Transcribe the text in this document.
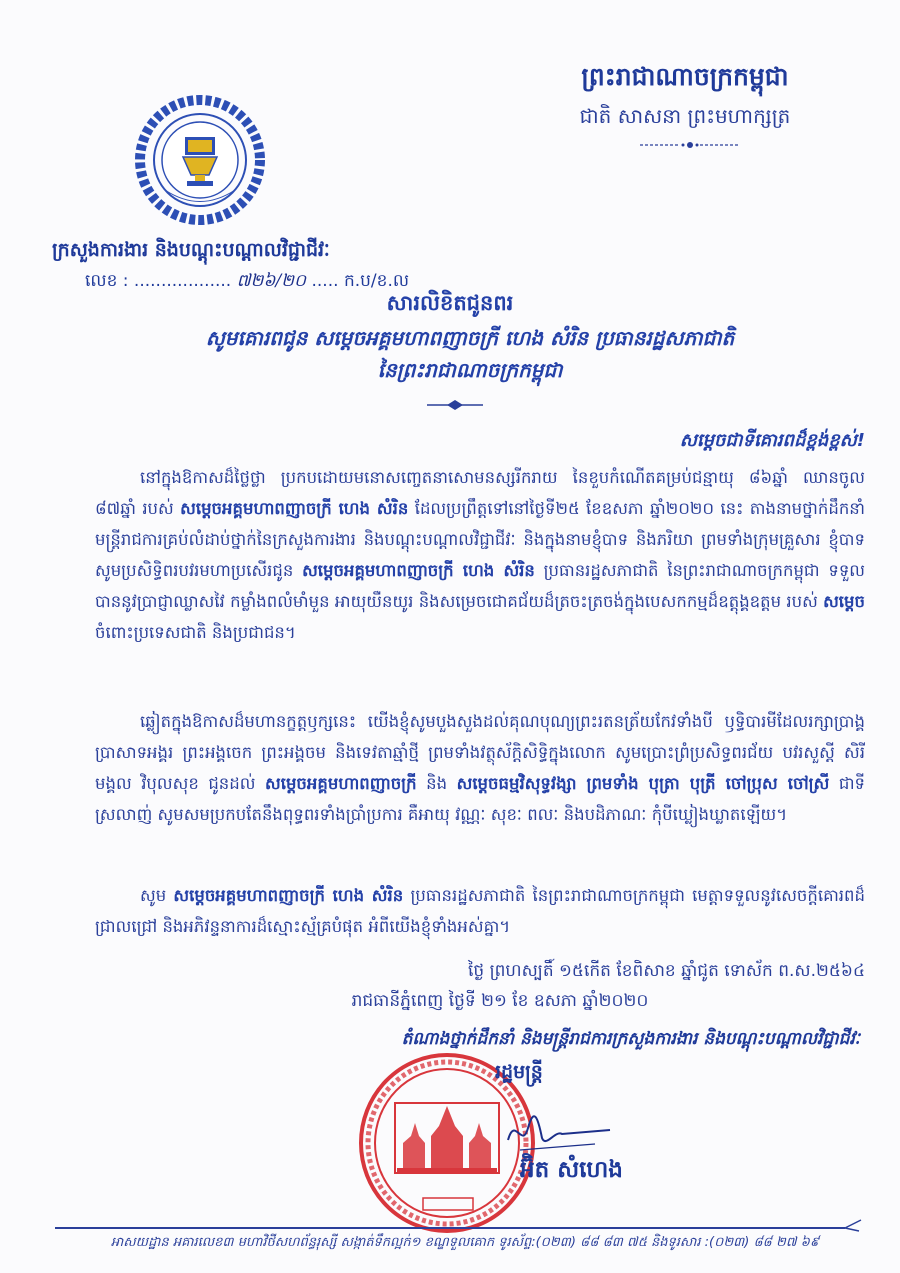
ព្រះរាជាណាចក្រកម្ពុជា
ជាតិ សាសនា ព្រះមហាក្សត្រ
ក្រសួងការងារ និងបណ្ដុះបណ្ដាលវិជ្ជាជីវៈ
លេខ : .................. ៧២៦/២០ ..... ក.ប/ខ.ល
សារលិខិតជូនពរ
សូមគោរពជូន សម្តេចអគ្គមហាពញាចក្រី ហេង សំរិន ប្រធានរដ្ឋសភាជាតិ
នៃព្រះរាជាណាចក្រកម្ពុជា
សម្តេចជាទីគោរពដ៏ខ្ពង់ខ្ពស់!
នៅក្នុងឱកាសដ៏ថ្លៃថ្លា ប្រកបដោយមនោសញ្ចេតនាសោមនស្សរីករាយ នៃខួបកំណើតគម្រប់ជន្មាយុ ៨៦ឆ្នាំ ឈានចូល ៨៧ឆ្នាំ របស់ សម្តេចអគ្គមហាពញាចក្រី ហេង សំរិន ដែលប្រព្រឹត្តទៅនៅថ្ងៃទី២៥ ខែឧសភា ឆ្នាំ២០២០ នេះ តាងនាមថ្នាក់ដឹកនាំមន្ត្រីរាជការគ្រប់លំដាប់ថ្នាក់នៃក្រសួងការងារ និងបណ្តុះបណ្តាលវិជ្ជាជីវៈ និងក្នុងនាមខ្ញុំបាទ និងភរិយា ព្រមទាំងក្រុមគ្រួសារ ខ្ញុំបាទសូមប្រសិទ្ធិពរបវរមហាប្រសើរជូន សម្តេចអគ្គមហាពញាចក្រី ហេង សំរិន ប្រធានរដ្ឋសភាជាតិ នៃព្រះរាជាណាចក្រកម្ពុជា ទទួលបាននូវប្រាជ្ញាឈ្លាសវៃ កម្លាំងពលំមាំមួន អាយុយឺនយូរ និងសម្រេចជោគជ័យដ៏ត្រចះត្រចង់ក្នុងបេសកកម្មដ៏ឧត្តុង្គឧត្តម របស់ សម្តេច ចំពោះប្រទេសជាតិ និងប្រជាជន។
ឆ្លៀតក្នុងឱកាសដ៏មហានក្ខត្តឫក្សនេះ យើងខ្ញុំសូមបួងសួងដល់គុណបុណ្យព្រះរតនត្រ័យកែវទាំងបី ឫទ្ធិបារមីដែលរក្សាប្រាង្គប្រាសាទអង្គរ ព្រះអង្គចេក ព្រះអង្គចម និងទេវតាឆ្មាំថ្មី ព្រមទាំងវត្ថុស័ក្តិសិទ្ធិក្នុងលោក សូមប្រោះព្រំប្រសិទ្ធពរជ័យ បវរសួស្តី សិរីមង្គល វិបុលសុខ ជូនដល់ សម្តេចអគ្គមហាពញាចក្រី និង សម្តេចធម្មវិសុទ្ធវង្សា ព្រមទាំង បុត្រា បុត្រី ចៅប្រុស ចៅស្រី ជាទីស្រលាញ់ សូមសមប្រកបតែនឹងពុទ្ធពរទាំងប្រាំប្រការ គឺអាយុ វណ្ណៈ សុខៈ ពលៈ និងបដិភាណៈ កុំបីឃ្លៀងឃ្លាតឡើយ។
សូម សម្តេចអគ្គមហាពញាចក្រី ហេង សំរិន ប្រធានរដ្ឋសភាជាតិ នៃព្រះរាជាណាចក្រកម្ពុជា មេត្តាទទួលនូវសេចក្តីគោរពដ៏ជ្រាលជ្រៅ និងអភិវន្ទនាការដ៏ស្មោះស្ម័គ្របំផុត អំពីយើងខ្ញុំទាំងអស់គ្នា។
ថ្ងៃ ព្រហស្បតិ៍ ១៥កើត ខែពិសាខ ឆ្នាំជូត ទោស័ក ព.ស.២៥៦៤
រាជធានីភ្នំពេញ ថ្ងៃទី ២១ ខែ ឧសភា ឆ្នាំ២០២០
តំណាងថ្នាក់ដឹកនាំ និងមន្ត្រីរាជការក្រសួងការងារ និងបណ្តុះបណ្តាលវិជ្ជាជីវៈ
រដ្ឋមន្ត្រី
អ៊ិត សំហេង
អាសយដ្ឋាន អគារលេខ៣ មហាវិថីសហព័ន្ធរុស្សី សង្កាត់ទឹកល្អក់១ ខណ្ឌទួលគោក ទូរស័ព្ទ:(០២៣) ៨៨ ៨៣ ៧៥ និងទូរសារ :(០២៣) ៨៨ ២៧ ៦៩
